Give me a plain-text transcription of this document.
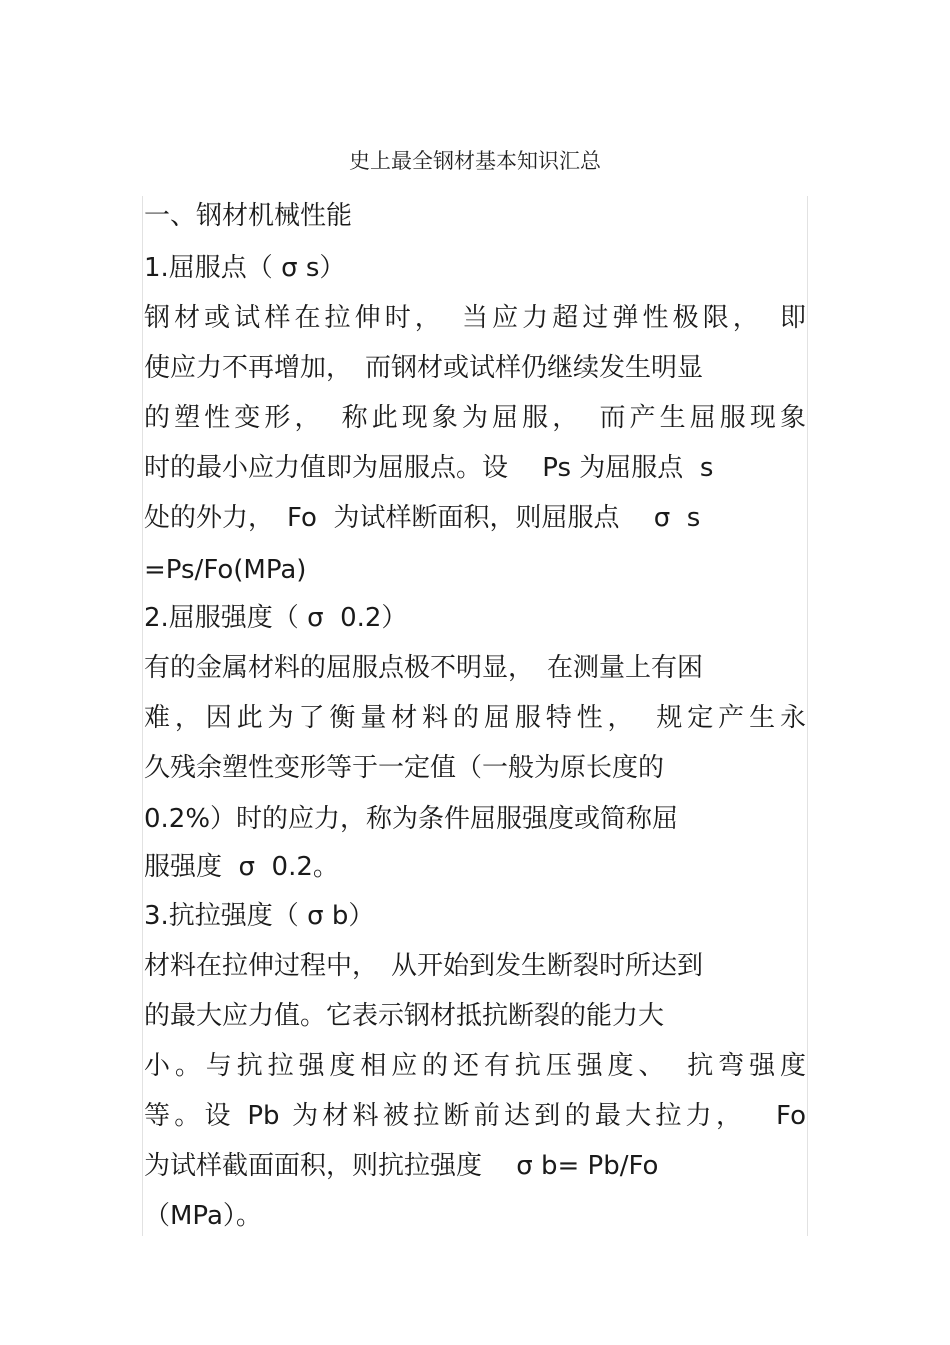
史上最全钢材基本知识汇总
一、钢材机械性能
1.屈服点（ σ s）
钢材或试样在拉伸时，　当应力超过弹性极限，　即
使应力不再增加，　而钢材或试样仍继续发生明显
的塑性变形，　称此现象为屈服，　而产生屈服现象
时的最小应力值即为屈服点。设　 Ps 为屈服点  s
处的外力，　Fo  为试样断面积，则屈服点　 σ  s
=Ps/Fo(MPa)
2.屈服强度（ σ  0.2）
有的金属材料的屈服点极不明显，　在测量上有困
难，因此为了衡量材料的屈服特性，　规定产生永
久残余塑性变形等于一定值（一般为原长度的
0.2%）时的应力，称为条件屈服强度或简称屈
服强度  σ  0.2。
3.抗拉强度（ σ b）
材料在拉伸过程中，　从开始到发生断裂时所达到
的最大应力值。它表示钢材抵抗断裂的能力大
小。与抗拉强度相应的还有抗压强度、　抗弯强度
等。设 Pb 为材料被拉断前达到的最大拉力，　 Fo
为试样截面面积，则抗拉强度　 σ b= Pb/Fo
（MPa）。
